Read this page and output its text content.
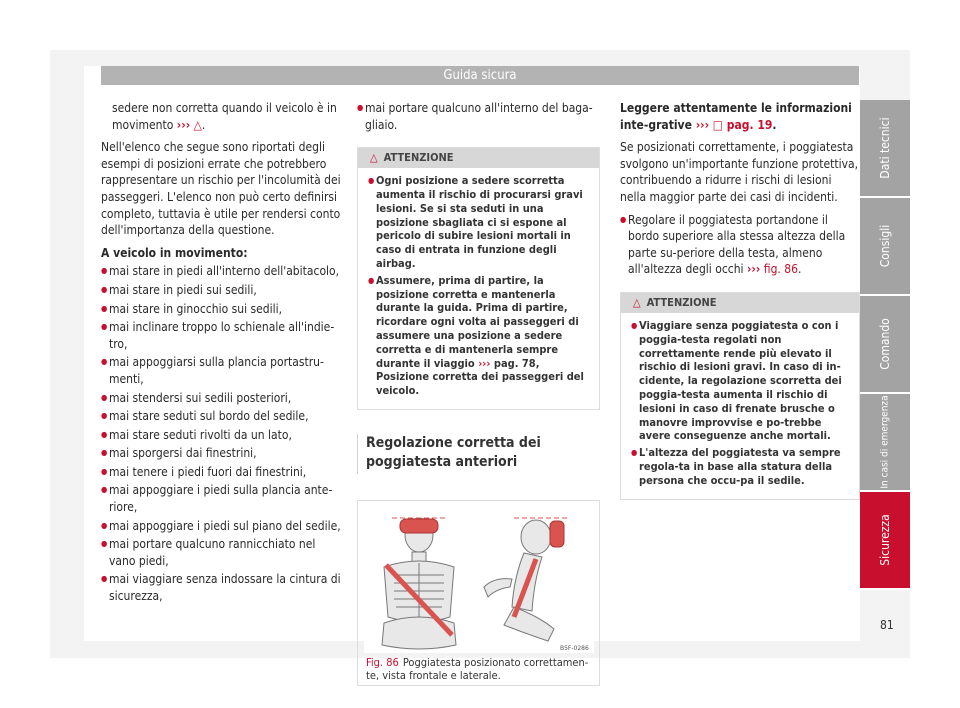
Guida sicura

sedere non corretta quando il veicolo è in
movimento ››› △.

Nell'elenco che segue sono riportati degli esempi di posizioni errate che potrebbero rappresentare un rischio per l'incolumità dei passeggeri. L'elenco non può certo definirsi completo, tuttavia è utile per rendersi conto dell'importanza della questione.

A veicolo in movimento:

● mai stare in piedi all'interno dell'abitacolo,
● mai stare in piedi sui sedili,
● mai stare in ginocchio sui sedili,
● mai inclinare troppo lo schienale all'indie-tro,
● mai appoggiarsi sulla plancia portastru-menti,
● mai stendersi sui sedili posteriori,
● mai stare seduti sul bordo del sedile,
● mai stare seduti rivolti da un lato,
● mai sporgersi dai finestrini,
● mai tenere i piedi fuori dai finestrini,
● mai appoggiare i piedi sulla plancia ante-riore,
● mai appoggiare i piedi sul piano del sedile,
● mai portare qualcuno rannicchiato nel vano piedi,
● mai viaggiare senza indossare la cintura di sicurezza,
● mai portare qualcuno all'interno del baga-gliaio.
△ ATTENZIONE
● Ogni posizione a sedere scorretta aumenta il rischio di procurarsi gravi lesioni. Se si sta seduti in una posizione sbagliata ci si espone al pericolo di subire lesioni mortali in caso di entrata in funzione degli airbag.
● Assumere, prima di partire, la posizione corretta e mantenerla durante la guida. Prima di partire, ricordare ogni volta ai passeggeri di assumere una posizione a sedere corretta e di mantenerla sempre durante il viaggio ››› pag. 78, Posizione corretta dei passeggeri del veicolo.
Regolazione corretta dei poggiatesta anteriori
B5F-0286
Fig. 86 Poggiatesta posizionato correttamen-te, vista frontale e laterale.

Leggere attentamente le informazioni inte-grative ››› □ pag. 19.

Se posizionati correttamente, i poggiatesta svolgono un'importante funzione protettiva, contribuendo a ridurre i rischi di lesioni nella maggior parte dei casi di incidenti.

● Regolare il poggiatesta portandone il bordo superiore alla stessa altezza della parte su-periore della testa, almeno all'altezza degli occhi ››› fig. 86.
△ ATTENZIONE
● Viaggiare senza poggiatesta o con i poggia-testa regolati non correttamente rende più elevato il rischio di lesioni gravi. In caso di in-cidente, la regolazione scorretta dei poggia-testa aumenta il rischio di lesioni in caso di frenate brusche o manovre improvvise e po-trebbe avere conseguenze anche mortali.
● L'altezza del poggiatesta va sempre regola-ta in base alla statura della persona che occu-pa il sedile.
Dati tecnici
Consigli
Comando
In casi di emergenza
Sicurezza
81
